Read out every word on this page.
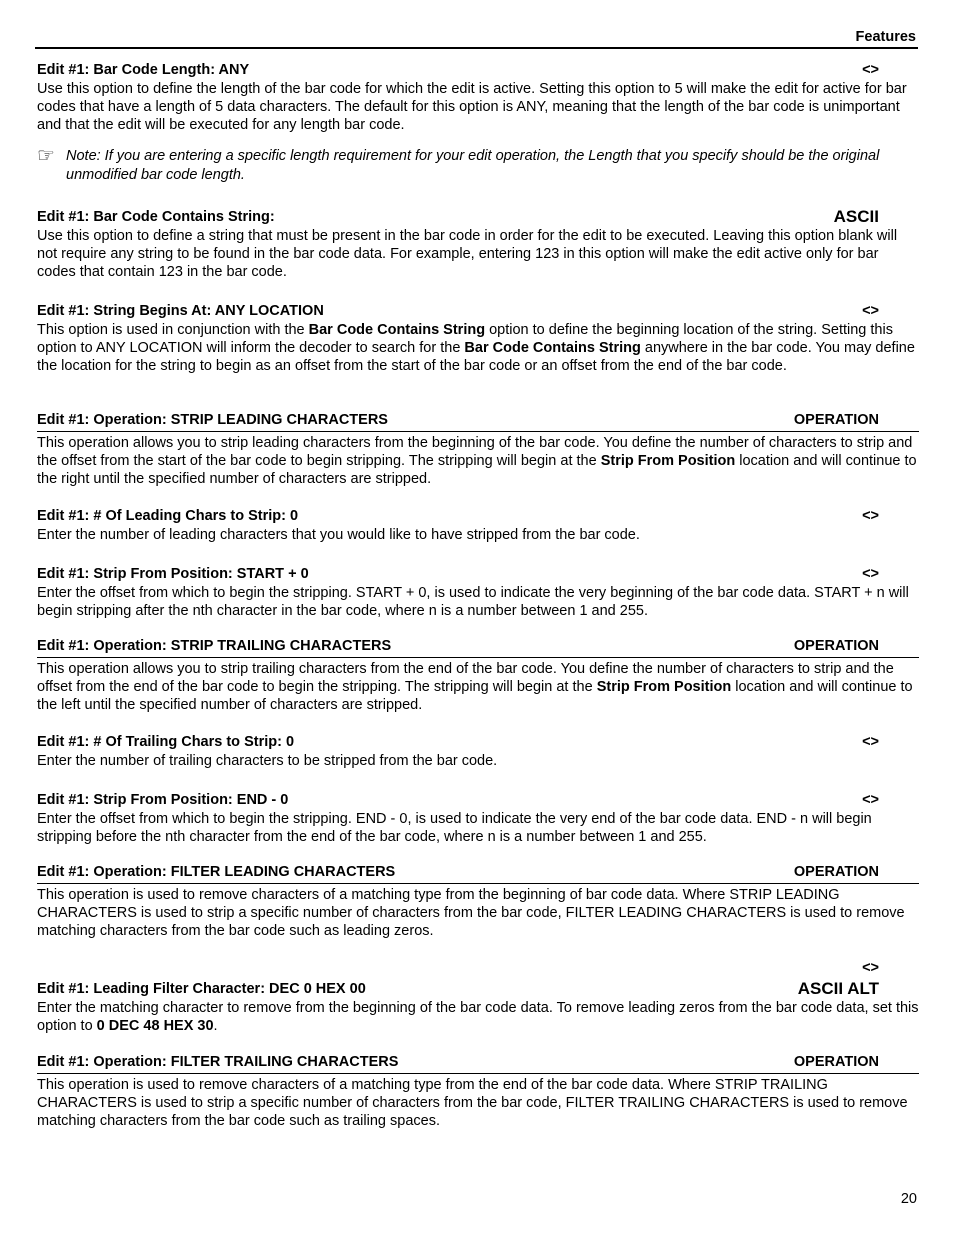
Features
Edit #1: Bar Code Length: ANY	<>
Use this option to define the length of the bar code for which the edit is active. Setting this option to 5 will make the edit for active for bar codes that have a length of 5 data characters. The default for this option is ANY, meaning that the length of the bar code is unimportant and that the edit will be executed for any length bar code.
☞ Note: If you are entering a specific length requirement for your edit operation, the Length that you specify should be the original unmodified bar code length.
Edit #1: Bar Code Contains String:	ASCII
Use this option to define a string that must be present in the bar code in order for the edit to be executed. Leaving this option blank will not require any string to be found in the bar code data. For example, entering 123 in this option will make the edit active only for bar codes that contain 123 in the bar code.
Edit #1: String Begins At: ANY LOCATION	<>
This option is used in conjunction with the Bar Code Contains String option to define the beginning location of the string. Setting this option to ANY LOCATION will inform the decoder to search for the Bar Code Contains String anywhere in the bar code. You may define the location for the string to begin as an offset from the start of the bar code or an offset from the end of the bar code.
Edit #1: Operation: STRIP LEADING CHARACTERS	OPERATION
This operation allows you to strip leading characters from the beginning of the bar code. You define the number of characters to strip and the offset from the start of the bar code to begin stripping. The stripping will begin at the Strip From Position location and will continue to the right until the specified number of characters are stripped.
Edit #1: # Of Leading Chars to Strip: 0	<>
Enter the number of leading characters that you would like to have stripped from the bar code.
Edit #1: Strip From Position: START + 0	<>
Enter the offset from which to begin the stripping. START + 0, is used to indicate the very beginning of the bar code data. START + n will begin stripping after the nth character in the bar code, where n is a number between 1 and 255.
Edit #1: Operation: STRIP TRAILING CHARACTERS	OPERATION
This operation allows you to strip trailing characters from the end of the bar code. You define the number of characters to strip and the offset from the end of the bar code to begin the stripping. The stripping will begin at the Strip From Position location and will continue to the left until the specified number of characters are stripped.
Edit #1: # Of Trailing Chars to Strip: 0	<>
Enter the number of trailing characters to be stripped from the bar code.
Edit #1: Strip From Position: END - 0	<>
Enter the offset from which to begin the stripping. END - 0, is used to indicate the very end of the bar code data. END - n will begin stripping before the nth character from the end of the bar code, where n is a number between 1 and 255.
Edit #1: Operation: FILTER LEADING CHARACTERS	OPERATION
This operation is used to remove characters of a matching type from the beginning of bar code data. Where STRIP LEADING CHARACTERS is used to strip a specific number of characters from the bar code, FILTER LEADING CHARACTERS is used to remove matching characters from the bar code such as leading zeros.
<>
Edit #1: Leading Filter Character: DEC 0 HEX 00	ASCII ALT
Enter the matching character to remove from the beginning of the bar code data. To remove leading zeros from the bar code data, set this option to 0 DEC 48 HEX 30.
Edit #1: Operation: FILTER TRAILING CHARACTERS	OPERATION
This operation is used to remove characters of a matching type from the end of the bar code data. Where STRIP TRAILING CHARACTERS is used to strip a specific number of characters from the bar code, FILTER TRAILING CHARACTERS is used to remove matching characters from the bar code such as trailing spaces.
20
